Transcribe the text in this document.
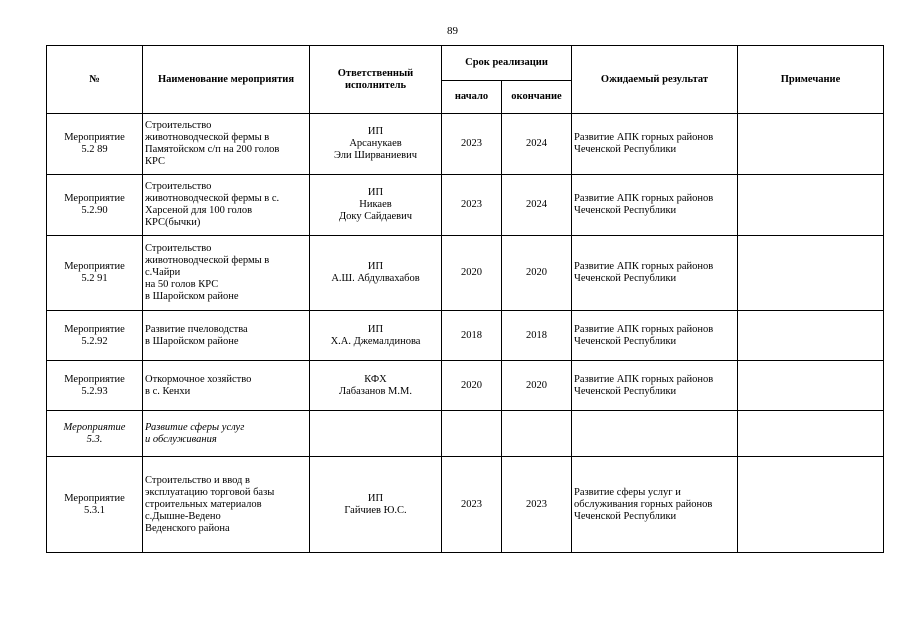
89
№	Наименование мероприятия	Ответственный
исполнитель	Срок реализации		Ожидаемый результат	Примечание
			начало	окончание		
Мероприятие
5.2 89	Строительство
животноводческой фермы в
Памятойском с/п на 200 голов
КРС	ИП
Арсанукаев
Эли Ширваниевич	2023	2024	Развитие АПК горных районов
Чеченской Республики	
Мероприятие
5.2.90	Строительство
животноводческой фермы в с.
Харсеной для 100 голов
КРС(бычки)	ИП
Никаев
Доку Сайдаевич	2023	2024	Развитие АПК горных районов
Чеченской Республики	
Мероприятие
5.2 91	Строительство
животноводческой фермы в
с.Чайри
на 50 голов КРС
в Шаройском районе	ИП
А.Ш. Абдулвахабов	2020	2020	Развитие АПК горных районов
Чеченской Республики	
Мероприятие
5.2.92	Развитие пчеловодства
в Шаройском районе	ИП
Х.А. Джемалдинова	2018	2018	Развитие АПК горных районов
Чеченской Республики	
Мероприятие
5.2.93	Откормочное хозяйство
в с. Кенхи	КФХ
Лабазанов М.М.	2020	2020	Развитие АПК горных районов
Чеченской Республики	
Мероприятие
5.3.	Развитие сферы услуг
и обслуживания					
Мероприятие
5.3.1	Строительство и ввод в
эксплуатацию торговой базы
строительных материалов
с.Дышне-Ведено
Веденского района	ИП
Гайчиев Ю.С.	2023	2023	Развитие сферы услуг и
обслуживания горных районов
Чеченской Республики	
